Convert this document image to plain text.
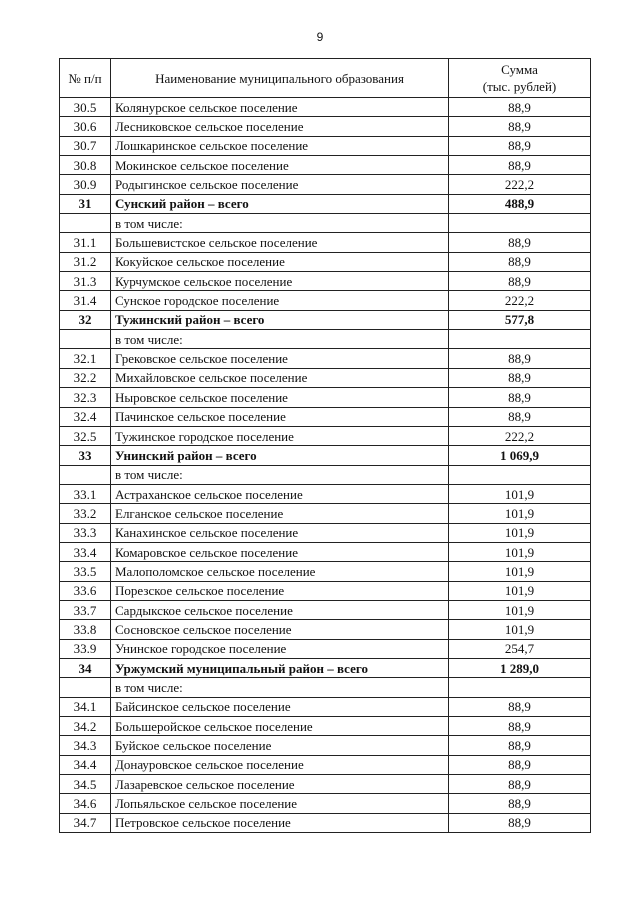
9
№ п/п	Наименование муниципального образования	Сумма
(тыс. рублей)
30.5	Колянурское сельское поселение	88,9
30.6	Лесниковское сельское поселение	88,9
30.7	Лошкаринское сельское поселение	88,9
30.8	Мокинское сельское поселение	88,9
30.9	Родыгинское сельское поселение	222,2
31	Сунский район – всего	488,9
	в том числе:	
31.1	Большевистское сельское поселение	88,9
31.2	Кокуйское сельское поселение	88,9
31.3	Курчумское сельское поселение	88,9
31.4	Сунское городское поселение	222,2
32	Тужинский район – всего	577,8
	в том числе:	
32.1	Грековское сельское поселение	88,9
32.2	Михайловское сельское поселение	88,9
32.3	Ныровское сельское поселение	88,9
32.4	Пачинское сельское поселение	88,9
32.5	Тужинское городское поселение	222,2
33	Унинский район – всего	1 069,9
	в том числе:	
33.1	Астраханское сельское поселение	101,9
33.2	Елганское сельское поселение	101,9
33.3	Канахинское сельское поселение	101,9
33.4	Комаровское сельское поселение	101,9
33.5	Малополомское сельское поселение	101,9
33.6	Порезское сельское поселение	101,9
33.7	Сардыкское сельское поселение	101,9
33.8	Сосновское сельское поселение	101,9
33.9	Унинское городское поселение	254,7
34	Уржумский муниципальный район – всего	1 289,0
	в том числе:	
34.1	Байсинское сельское поселение	88,9
34.2	Большеройское сельское поселение	88,9
34.3	Буйское сельское поселение	88,9
34.4	Донауровское сельское поселение	88,9
34.5	Лазаревское сельское поселение	88,9
34.6	Лопьяльское сельское поселение	88,9
34.7	Петровское сельское поселение	88,9
